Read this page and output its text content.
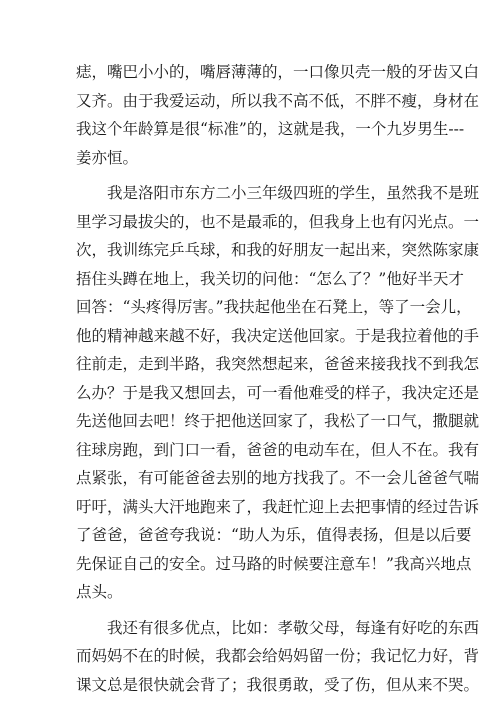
痣，嘴巴小小的，嘴唇薄薄的，一口像贝壳一般的牙齿又白
又齐。由于我爱运动，所以我不高不低，不胖不瘦，身材在
我这个年龄算是很“标准”的，这就是我，一个九岁男生---
姜亦恒。
　　我是洛阳市东方二小三年级四班的学生，虽然我不是班
里学习最拔尖的，也不是最乖的，但我身上也有闪光点。一
次，我训练完乒乓球，和我的好朋友一起出来，突然陈家康
捂住头蹲在地上，我关切的问他：“怎么了？”他好半天才
回答：“头疼得厉害。”我扶起他坐在石凳上，等了一会儿，
他的精神越来越不好，我决定送他回家。于是我拉着他的手
往前走，走到半路，我突然想起来，爸爸来接我找不到我怎
么办？于是我又想回去，可一看他难受的样子，我决定还是
先送他回去吧！终于把他送回家了，我松了一口气，撒腿就
往球房跑，到门口一看，爸爸的电动车在，但人不在。我有
点紧张，有可能爸爸去别的地方找我了。不一会儿爸爸气喘
吁吁，满头大汗地跑来了，我赶忙迎上去把事情的经过告诉
了爸爸，爸爸夸我说：“助人为乐，值得表扬，但是以后要
先保证自己的安全。过马路的时候要注意车！”我高兴地点
点头。
　　我还有很多优点，比如：孝敬父母，每逢有好吃的东西
而妈妈不在的时候，我都会给妈妈留一份；我记忆力好，背
课文总是很快就会背了；我很勇敢，受了伤，但从来不哭。
